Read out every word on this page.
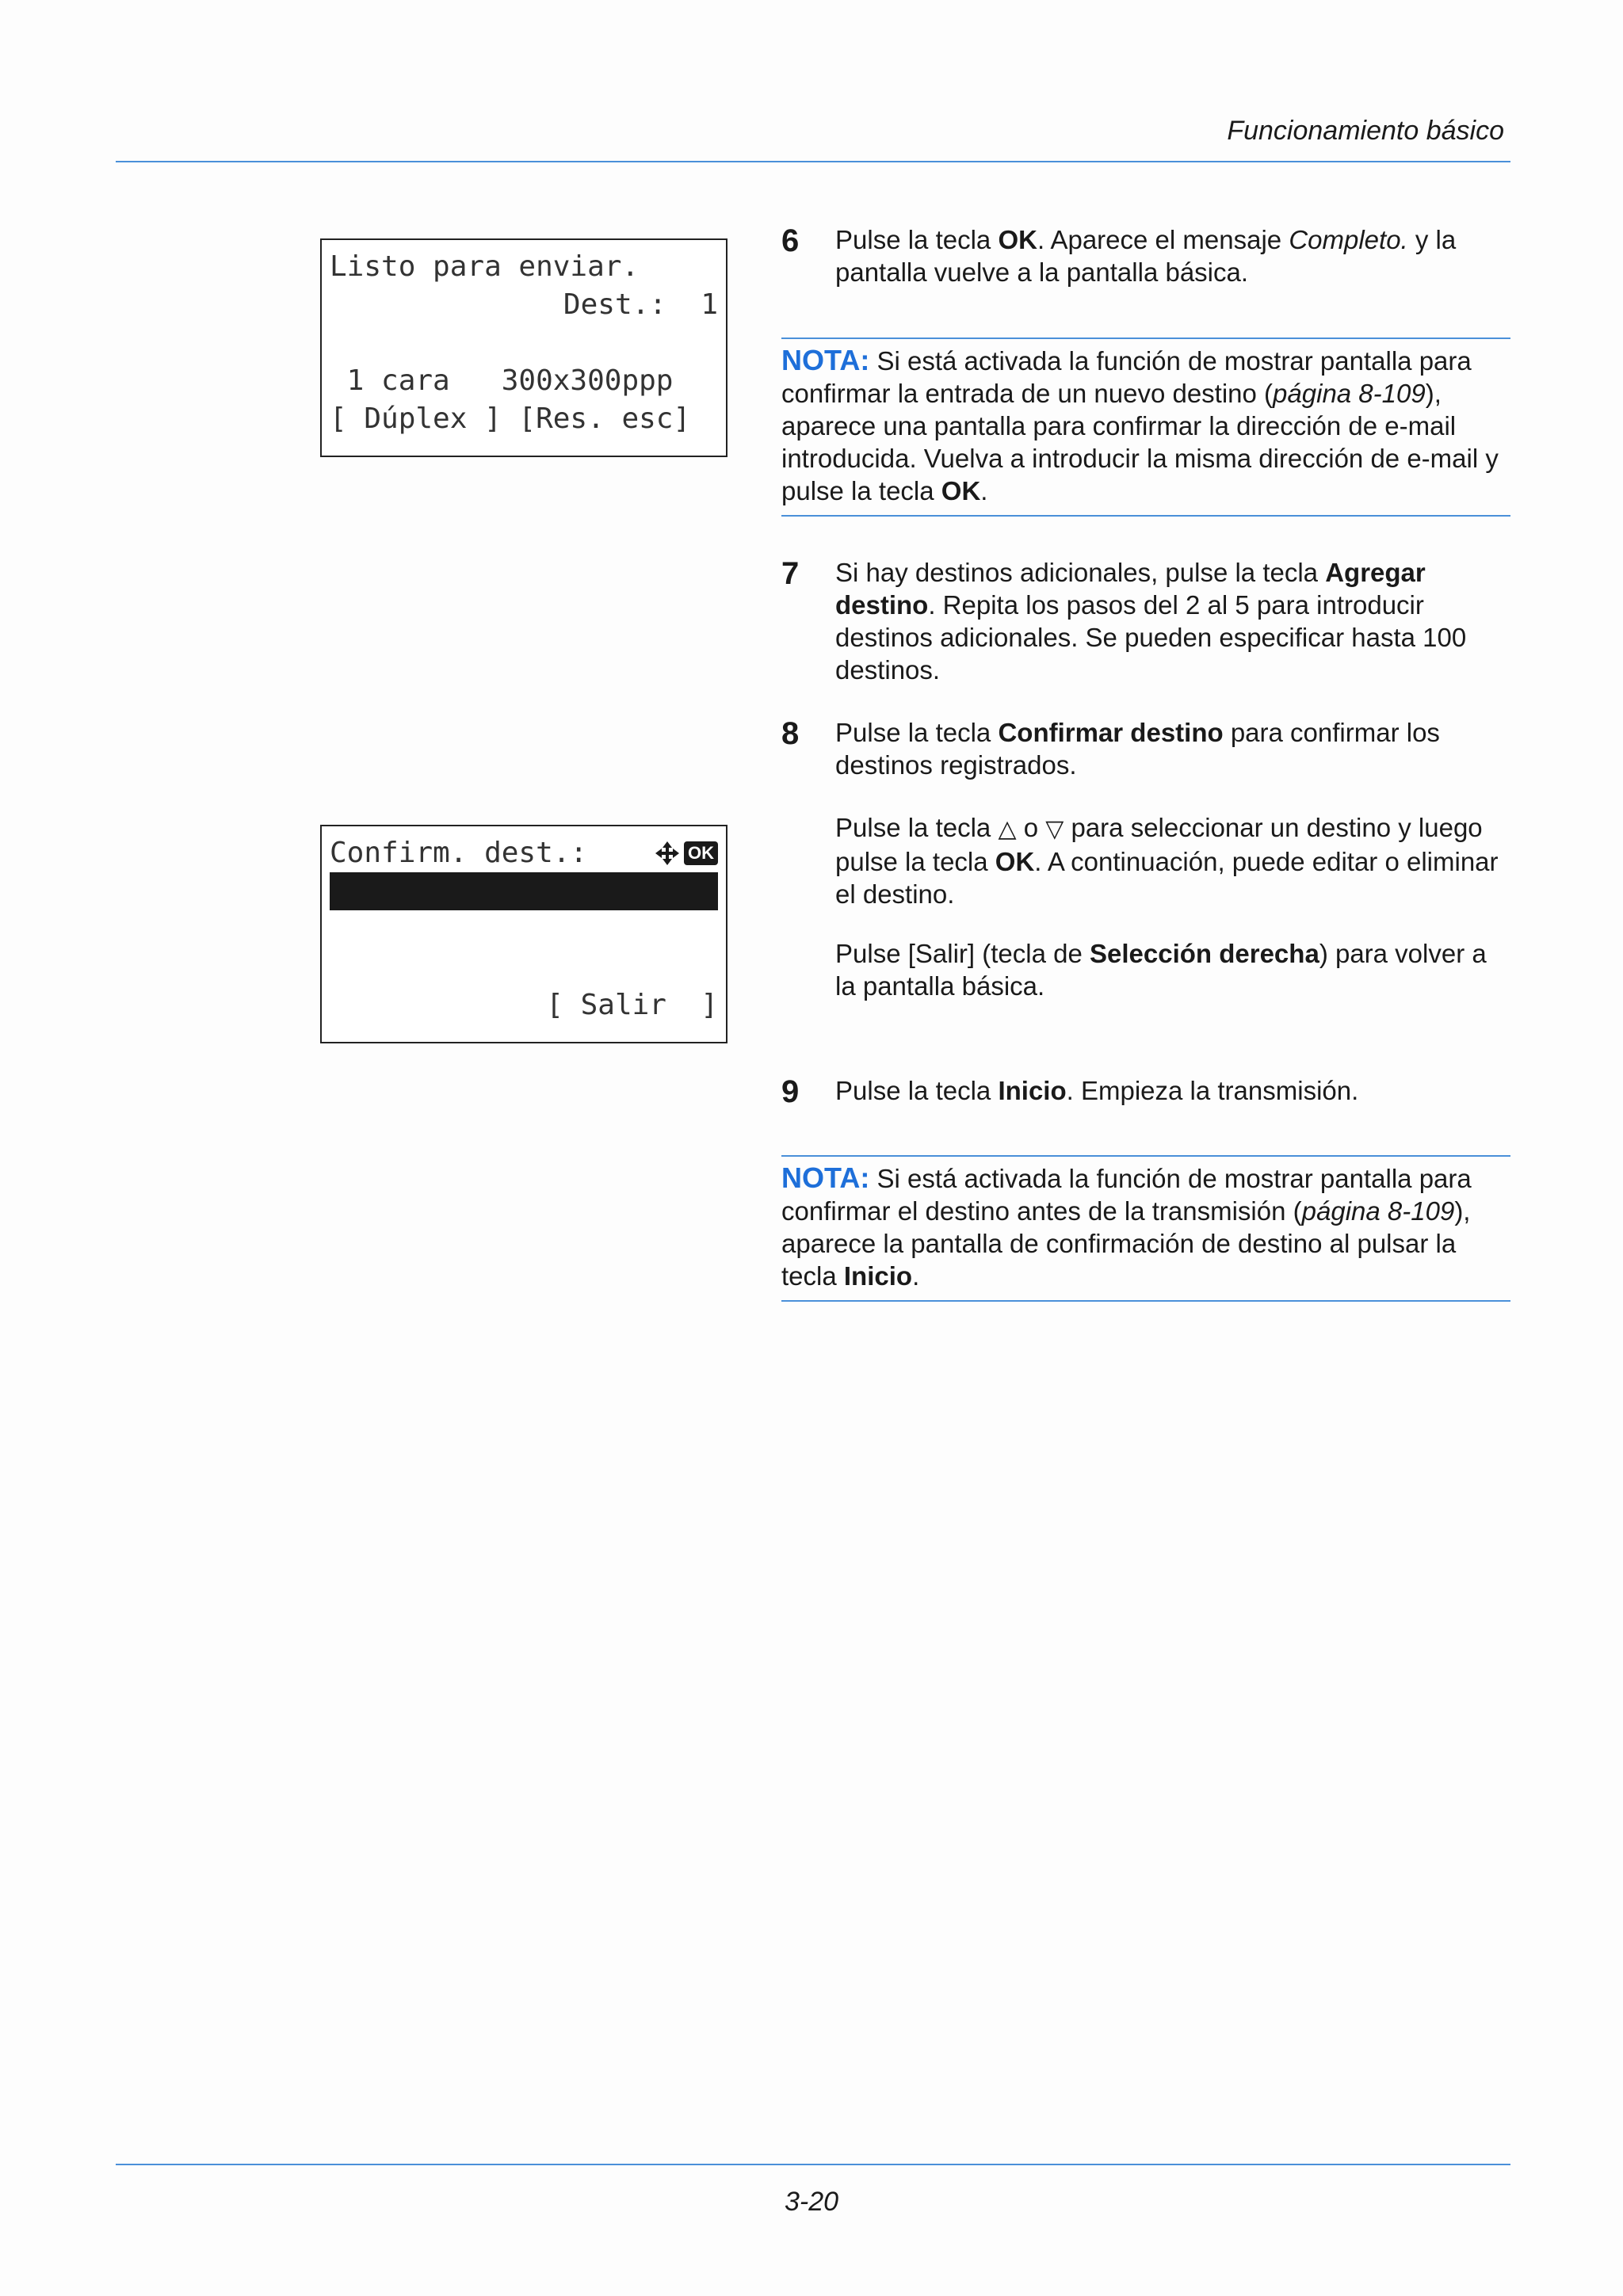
Funcionamiento básico
Listo para enviar.
Dest.:  1

1 cara   300x300ppp
[ Dúplex ] [Res. esc]
Confirm. dest.:	OK

[ Salir  ]
6 Pulse la tecla OK. Aparece el mensaje Completo. y la pantalla vuelve a la pantalla básica.
NOTA: Si está activada la función de mostrar pantalla para confirmar la entrada de un nuevo destino (página 8-109), aparece una pantalla para confirmar la dirección de e-mail introducida. Vuelva a introducir la misma dirección de e-mail y pulse la tecla OK.
7 Si hay destinos adicionales, pulse la tecla Agregar destino. Repita los pasos del 2 al 5 para introducir destinos adicionales. Se pueden especificar hasta 100 destinos.
8 Pulse la tecla Confirmar destino para confirmar los destinos registrados.
Pulse la tecla △ o ▽ para seleccionar un destino y luego pulse la tecla OK. A continuación, puede editar o eliminar el destino.
Pulse [Salir] (tecla de Selección derecha) para volver a la pantalla básica.
9 Pulse la tecla Inicio. Empieza la transmisión.
NOTA: Si está activada la función de mostrar pantalla para confirmar el destino antes de la transmisión (página 8-109), aparece la pantalla de confirmación de destino al pulsar la tecla Inicio.
3-20
